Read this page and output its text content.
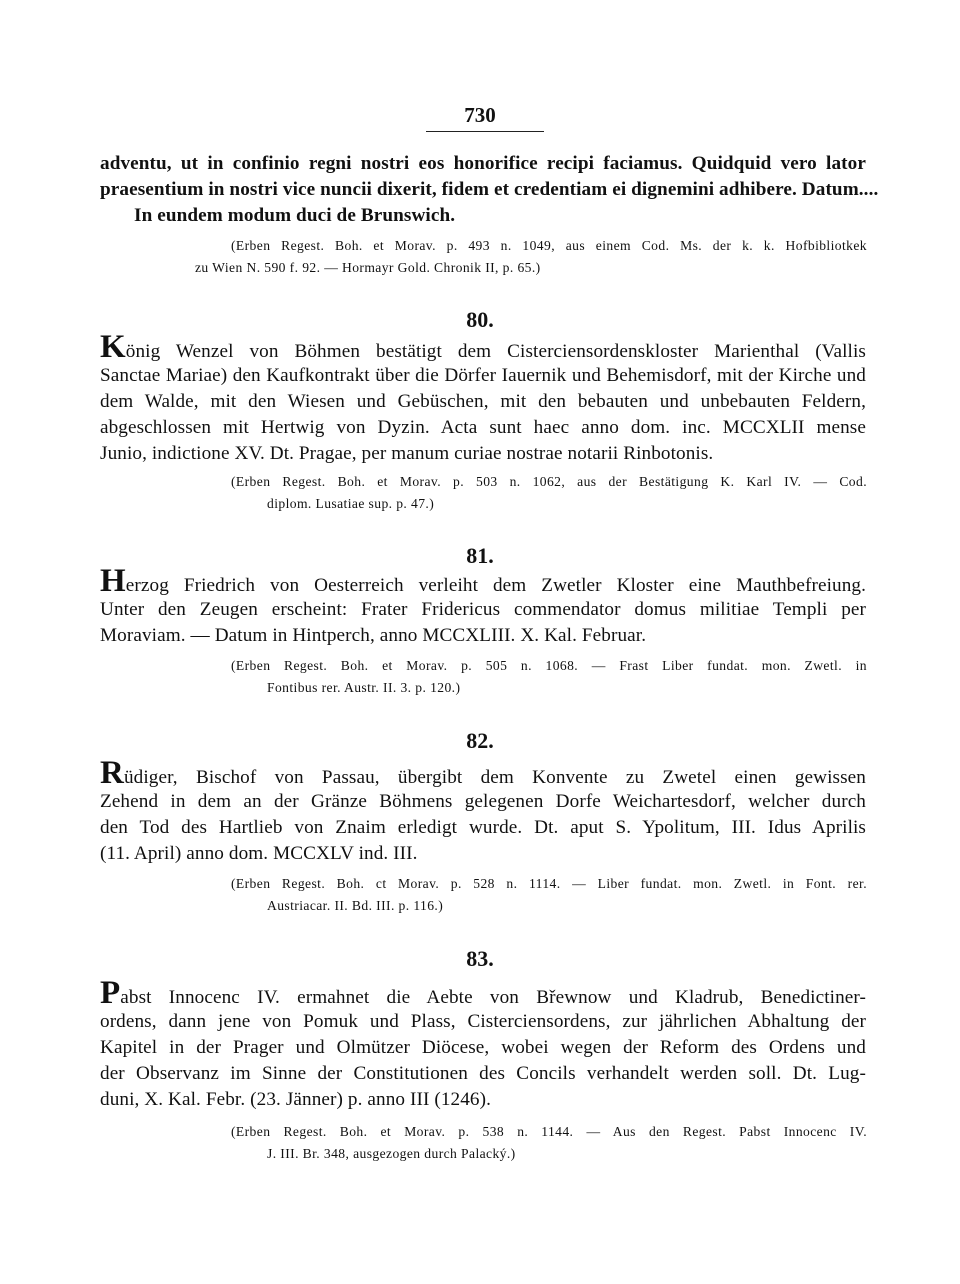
730
adventu, ut in confinio regni nostri eos honorifice recipi faciamus. Quidquid vero lator
praesentium in nostri vice nuncii dixerit, fidem et credentiam ei dignemini adhibere. Datum....
In eundem modum duci de Brunswich.
(Erben Regest. Boh. et Morav. p. 493 n. 1049, aus einem Cod. Ms. der k. k. Hofbibliotkek
zu Wien N. 590 f. 92. — Hormayr Gold. Chronik II, p. 65.)
80.
König Wenzel von Böhmen bestätigt dem Cisterciensordenskloster Marienthal (Vallis
Sanctae Mariae) den Kaufkontrakt über die Dörfer Iauernik und Behemisdorf, mit der Kirche und
dem Walde, mit den Wiesen und Gebüschen, mit den bebauten und unbebauten Feldern,
abgeschlossen mit Hertwig von Dyzin. Acta sunt haec anno dom. inc. MCCXLII mense
Junio, indictione XV. Dt. Pragae, per manum curiae nostrae notarii Rinbotonis.
(Erben Regest. Boh. et Morav. p. 503 n. 1062, aus der Bestätigung K. Karl IV. — Cod.
diplom. Lusatiae sup. p. 47.)
81.
Herzog Friedrich von Oesterreich verleiht dem Zwetler Kloster eine Mauthbefreiung.
Unter den Zeugen erscheint: Frater Fridericus commendator domus militiae Templi per
Moraviam. — Datum in Hintperch, anno MCCXLIII. X. Kal. Februar.
(Erben Regest. Boh. et Morav. p. 505 n. 1068. — Frast Liber fundat. mon. Zwetl. in
Fontibus rer. Austr. II. 3. p. 120.)
82.
Rüdiger, Bischof von Passau, übergibt dem Konvente zu Zwetel einen gewissen
Zehend in dem an der Gränze Böhmens gelegenen Dorfe Weichartesdorf, welcher durch
den Tod des Hartlieb von Znaim erledigt wurde. Dt. aput S. Ypolitum, III. Idus Aprilis
(11. April) anno dom. MCCXLV ind. III.
(Erben Regest. Boh. ct Morav. p. 528 n. 1114. — Liber fundat. mon. Zwetl. in Font. rer.
Austriacar. II. Bd. III. p. 116.)
83.
Pabst Innocenc IV. ermahnet die Aebte von Břewnow und Kladrub, Benedictiner-
ordens, dann jene von Pomuk und Plass, Cisterciensordens, zur jährlichen Abhaltung der
Kapitel in der Prager und Olmützer Diöcese, wobei wegen der Reform des Ordens und
der Observanz im Sinne der Constitutionen des Concils verhandelt werden soll. Dt. Lug-
duni, X. Kal. Febr. (23. Jänner) p. anno III (1246).
(Erben Regest. Boh. et Morav. p. 538 n. 1144. — Aus den Regest. Pabst Innocenc IV.
J. III. Br. 348, ausgezogen durch Palacký.)
